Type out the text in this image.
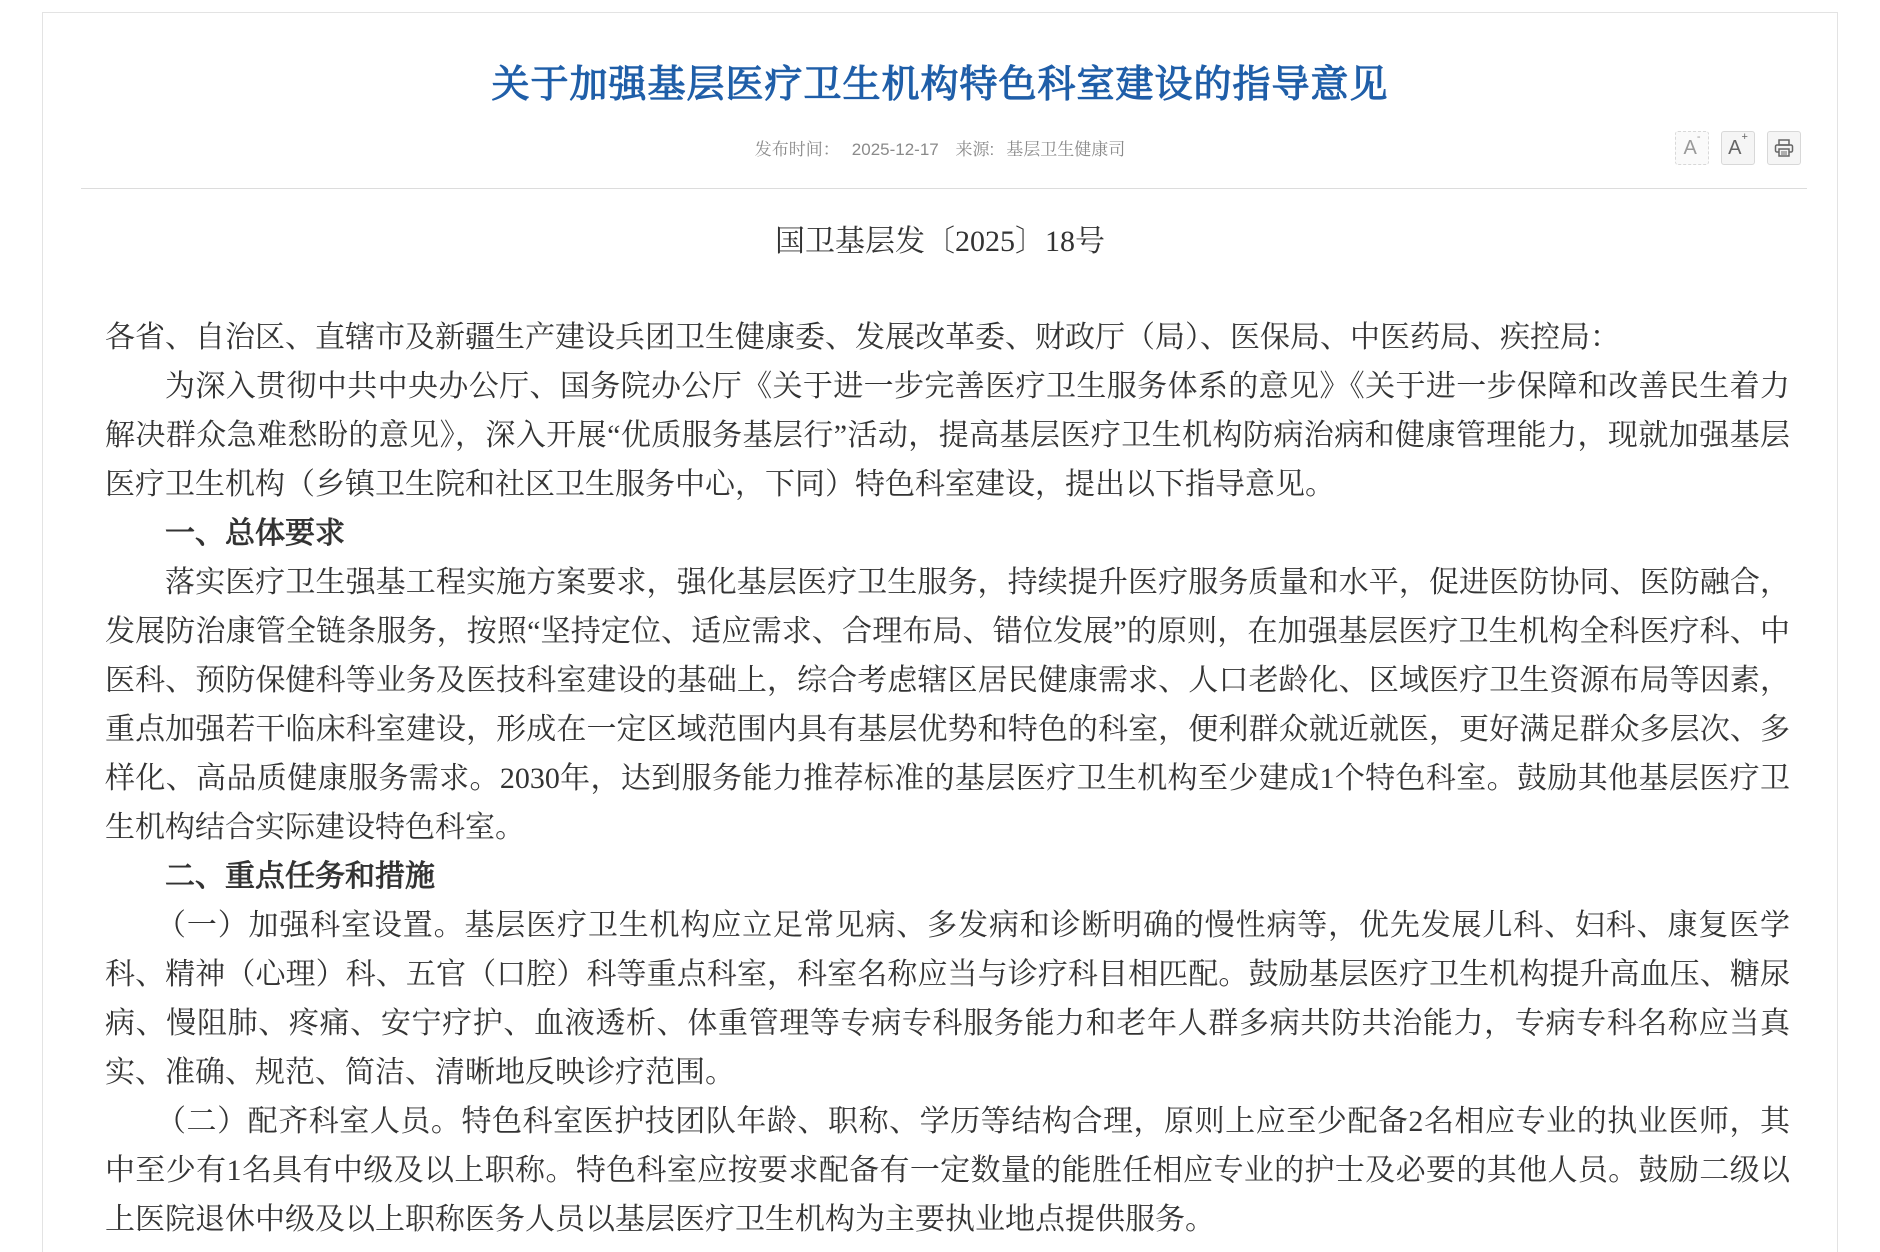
关于加强基层医疗卫生机构特色科室建设的指导意见
发布时间： 2025-12-17 来源: 基层卫生健康司	A- A+
国卫基层发〔2025〕18号

各省、自治区、直辖市及新疆生产建设兵团卫生健康委、发展改革委、财政厅（局）、医保局、中医药局、疾控局：

为深入贯彻中共中央办公厅、国务院办公厅《关于进一步完善医疗卫生服务体系的意见》《关于进一步保障和改善民生着力解决群众急难愁盼的意见》，深入开展“优质服务基层行”活动，提高基层医疗卫生机构防病治病和健康管理能力，现就加强基层医疗卫生机构（乡镇卫生院和社区卫生服务中心，下同）特色科室建设，提出以下指导意见。

一、总体要求

落实医疗卫生强基工程实施方案要求，强化基层医疗卫生服务，持续提升医疗服务质量和水平，促进医防协同、医防融合，发展防治康管全链条服务，按照“坚持定位、适应需求、合理布局、错位发展”的原则，在加强基层医疗卫生机构全科医疗科、中医科、预防保健科等业务及医技科室建设的基础上，综合考虑辖区居民健康需求、人口老龄化、区域医疗卫生资源布局等因素，重点加强若干临床科室建设，形成在一定区域范围内具有基层优势和特色的科室，便利群众就近就医，更好满足群众多层次、多样化、高品质健康服务需求。2030年，达到服务能力推荐标准的基层医疗卫生机构至少建成1个特色科室。鼓励其他基层医疗卫生机构结合实际建设特色科室。

二、重点任务和措施

（一）加强科室设置。基层医疗卫生机构应立足常见病、多发病和诊断明确的慢性病等，优先发展儿科、妇科、康复医学科、精神（心理）科、五官（口腔）科等重点科室，科室名称应当与诊疗科目相匹配。鼓励基层医疗卫生机构提升高血压、糖尿病、慢阻肺、疼痛、安宁疗护、血液透析、体重管理等专病专科服务能力和老年人群多病共防共治能力，专病专科名称应当真实、准确、规范、简洁、清晰地反映诊疗范围。

（二）配齐科室人员。特色科室医护技团队年龄、职称、学历等结构合理，原则上应至少配备2名相应专业的执业医师，其中至少有1名具有中级及以上职称。特色科室应按要求配备有一定数量的能胜任相应专业的护士及必要的其他人员。鼓励二级以上医院退休中级及以上职称医务人员以基层医疗卫生机构为主要执业地点提供服务。
